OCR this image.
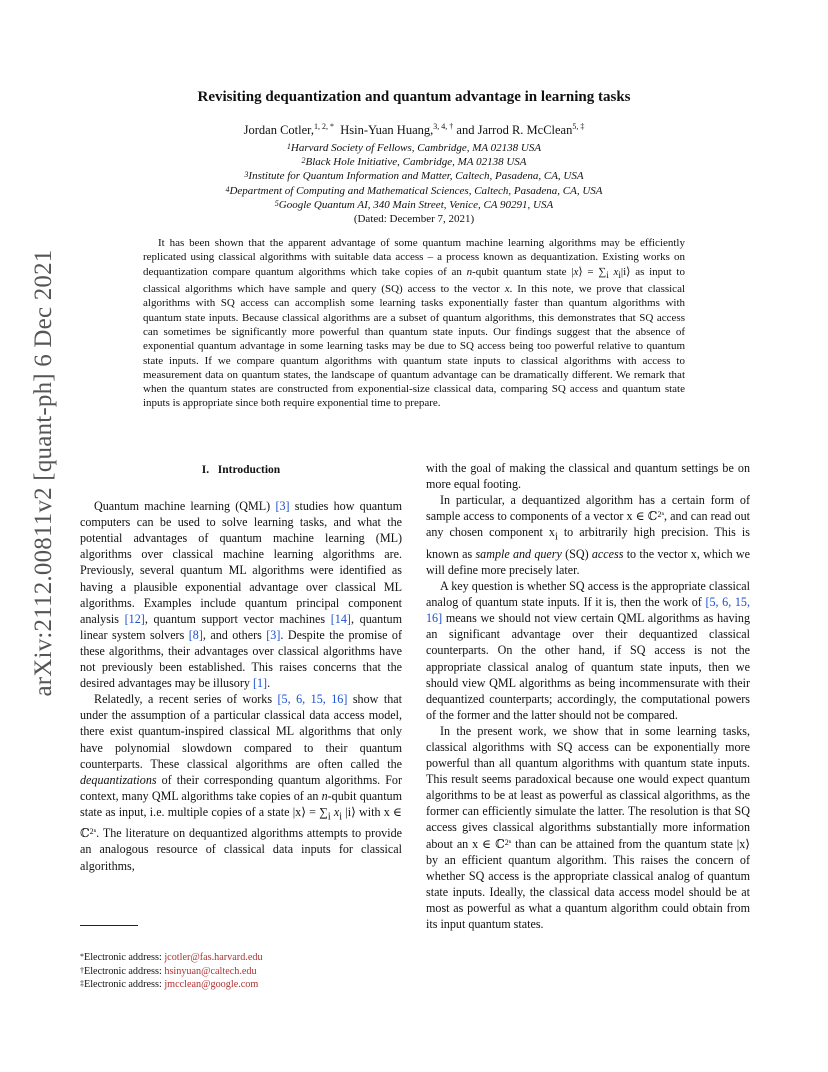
arXiv:2112.00811v2 [quant-ph] 6 Dec 2021
Revisiting dequantization and quantum advantage in learning tasks
Jordan Cotler,$^{1, 2, *}$ Hsin-Yuan Huang,$^{3, 4, \dagger}$ and Jarrod R. McClean$^{5, \ddagger}$
$^1$Harvard Society of Fellows, Cambridge, MA 02138 USA
$^2$Black Hole Initiative, Cambridge, MA 02138 USA
$^3$Institute for Quantum Information and Matter, Caltech, Pasadena, CA, USA
$^4$Department of Computing and Mathematical Sciences, Caltech, Pasadena, CA, USA
$^5$Google Quantum AI, 340 Main Street, Venice, CA 90291, USA
(Dated: December 7, 2021)
It has been shown that the apparent advantage of some quantum machine learning algorithms may be efficiently replicated using classical algorithms with suitable data access – a process known as dequantization. Existing works on dequantization compare quantum algorithms which take copies of an n-qubit quantum state |x⟩ = $\sum_i$ $x_i|i⟩$ as input to classical algorithms which have sample and query (SQ) access to the vector x. In this note, we prove that classical algorithms with SQ access can accomplish some learning tasks exponentially faster than quantum algorithms with quantum state inputs. Because classical algorithms are a subset of quantum algorithms, this demonstrates that SQ access can sometimes be significantly more powerful than quantum state inputs. Our findings suggest that the absence of exponential quantum advantage in some learning tasks may be due to SQ access being too powerful relative to quantum state inputs. If we compare quantum algorithms with quantum state inputs to classical algorithms with access to measurement data on quantum states, the landscape of quantum advantage can be dramatically different. We remark that when the quantum states are constructed from exponential-size classical data, comparing SQ access and quantum state inputs is appropriate since both require exponential time to prepare.
I. Introduction

Quantum machine learning (QML) [3] studies how quantum computers can be used to solve learning tasks, and what the potential advantages of quantum machine learning (ML) algorithms over classical machine learning algorithms are. Previously, several quantum ML algorithms were identified as having a plausible exponential advantage over classical ML algorithms. Examples include quantum principal component analysis [12], quantum support vector machines [14], quantum linear system solvers [8], and others [3]. Despite the promise of these algorithms, their advantages over classical algorithms have not previously been established. This raises concerns that the desired advantages may be illusory [1].

Relatedly, a recent series of works [5, 6, 15, 16] show that under the assumption of a particular classical data access model, there exist quantum-inspired classical ML algorithms that only have polynomial slowdown compared to their quantum counterparts. These classical algorithms are often called the dequantizations of their corresponding quantum algorithms. For context, many QML algorithms take copies of an n-qubit quantum state as input, i.e. multiple copies of a state |x⟩ = $\sum_i$ $x_i$ |i⟩ with x ∈ ℂ$^{2^n}$. The literature on dequantized algorithms attempts to provide an analogous resource of classical data inputs for classical algorithms,

with the goal of making the classical and quantum settings be on more equal footing.

In particular, a dequantized algorithm has a certain form of sample access to components of a vector x ∈ ℂ$^{2^n}$, and can read out any chosen component $x_i$ to arbitrarily high precision. This is known as sample and query (SQ) access to the vector x, which we will define more precisely later.

A key question is whether SQ access is the appropriate classical analog of quantum state inputs. If it is, then the work of [5, 6, 15, 16] means we should not view certain QML algorithms as having an significant advantage over their dequantized classical counterparts. On the other hand, if SQ access is not the appropriate classical analog of quantum state inputs, then we should view QML algorithms as being incommensurate with their dequantized counterparts; accordingly, the computational powers of the former and the latter should not be compared.

In the present work, we show that in some learning tasks, classical algorithms with SQ access can be exponentially more powerful than all quantum algorithms with quantum state inputs. This result seems paradoxical because one would expect quantum algorithms to be at least as powerful as classical algorithms, as the former can efficiently simulate the latter. The resolution is that SQ access gives classical algorithms substantially more information about an x ∈ ℂ$^{2^n}$ than can be attained from the quantum state |x⟩ by an efficient quantum algorithm. This raises the concern of whether SQ access is the appropriate classical analog of quantum state inputs. Ideally, the classical data access model should be at most as powerful as what a quantum algorithm could obtain from its input quantum states.

*Electronic address: jcotler@fas.harvard.edu
†Electronic address: hsinyuan@caltech.edu
‡Electronic address: jmcclean@google.com
